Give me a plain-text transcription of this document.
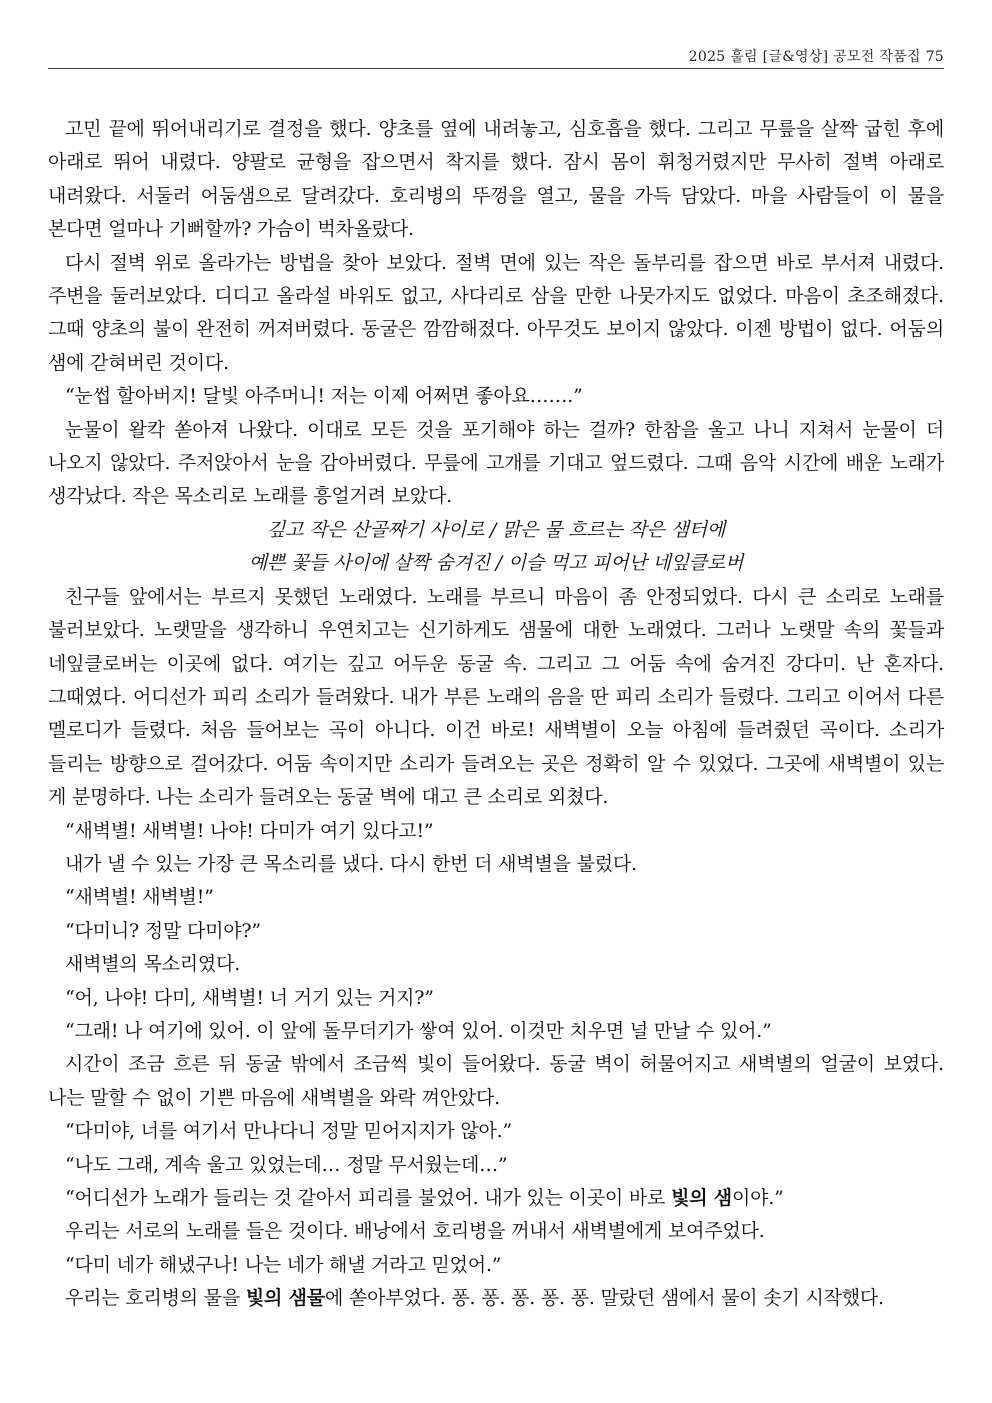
2025 훌림 [글&영상] 공모전 작품집 75

고민 끝에 뛰어내리기로 결정을 했다. 양초를 옆에 내려놓고, 심호흡을 했다. 그리고 무릎을 살짝 굽힌 후에 아래로 뛰어 내렸다. 양팔로 균형을 잡으면서 착지를 했다. 잠시 몸이 휘청거렸지만 무사히 절벽 아래로 내려왔다. 서둘러 어둠샘으로 달려갔다. 호리병의 뚜껑을 열고, 물을 가득 담았다. 마을 사람들이 이 물을 본다면 얼마나 기뻐할까? 가슴이 벅차올랐다.

다시 절벽 위로 올라가는 방법을 찾아 보았다. 절벽 면에 있는 작은 돌부리를 잡으면 바로 부서져 내렸다. 주변을 둘러보았다. 디디고 올라설 바위도 없고, 사다리로 삼을 만한 나뭇가지도 없었다. 마음이 초조해졌다. 그때 양초의 불이 완전히 꺼져버렸다. 동굴은 깜깜해졌다. 아무것도 보이지 않았다. 이젠 방법이 없다. 어둠의 샘에 갇혀버린 것이다.

“눈썹 할아버지! 달빛 아주머니! 저는 이제 어쩌면 좋아요…….”

눈물이 왈칵 쏟아져 나왔다. 이대로 모든 것을 포기해야 하는 걸까? 한참을 울고 나니 지쳐서 눈물이 더 나오지 않았다. 주저앉아서 눈을 감아버렸다. 무릎에 고개를 기대고 엎드렸다. 그때 음악 시간에 배운 노래가 생각났다. 작은 목소리로 노래를 흥얼거려 보았다.

깊고 작은 산골짜기 사이로 / 맑은 물 흐르는 작은 샘터에

예쁜 꽃들 사이에 살짝 숨겨진 / 이슬 먹고 피어난 네잎클로버

친구들 앞에서는 부르지 못했던 노래였다. 노래를 부르니 마음이 좀 안정되었다. 다시 큰 소리로 노래를 불러보았다. 노랫말을 생각하니 우연치고는 신기하게도 샘물에 대한 노래였다. 그러나 노랫말 속의 꽃들과 네잎클로버는 이곳에 없다. 여기는 깊고 어두운 동굴 속. 그리고 그 어둠 속에 숨겨진 강다미. 난 혼자다. 그때였다. 어디선가 피리 소리가 들려왔다. 내가 부른 노래의 음을 딴 피리 소리가 들렸다. 그리고 이어서 다른 멜로디가 들렸다. 처음 들어보는 곡이 아니다. 이건 바로! 새벽별이 오늘 아침에 들려줬던 곡이다. 소리가 들리는 방향으로 걸어갔다. 어둠 속이지만 소리가 들려오는 곳은 정확히 알 수 있었다. 그곳에 새벽별이 있는 게 분명하다. 나는 소리가 들려오는 동굴 벽에 대고 큰 소리로 외쳤다.

“새벽별! 새벽별! 나야! 다미가 여기 있다고!”

내가 낼 수 있는 가장 큰 목소리를 냈다. 다시 한번 더 새벽별을 불렀다.

“새벽별! 새벽별!”

“다미니? 정말 다미야?”

새벽별의 목소리였다.

“어, 나야! 다미, 새벽별! 너 거기 있는 거지?”

“그래! 나 여기에 있어. 이 앞에 돌무더기가 쌓여 있어. 이것만 치우면 널 만날 수 있어.”

시간이 조금 흐른 뒤 동굴 밖에서 조금씩 빛이 들어왔다. 동굴 벽이 허물어지고 새벽별의 얼굴이 보였다. 나는 말할 수 없이 기쁜 마음에 새벽별을 와락 껴안았다.

“다미야, 너를 여기서 만나다니 정말 믿어지지가 않아.”

“나도 그래, 계속 울고 있었는데… 정말 무서웠는데…”

“어디선가 노래가 들리는 것 같아서 피리를 불었어. 내가 있는 이곳이 바로 빛의 샘이야.”

우리는 서로의 노래를 들은 것이다. 배낭에서 호리병을 꺼내서 새벽별에게 보여주었다.

“다미 네가 해냈구나! 나는 네가 해낼 거라고 믿었어.”

우리는 호리병의 물을 빛의 샘물에 쏟아부었다. 퐁. 퐁. 퐁. 퐁. 퐁. 말랐던 샘에서 물이 솟기 시작했다.
